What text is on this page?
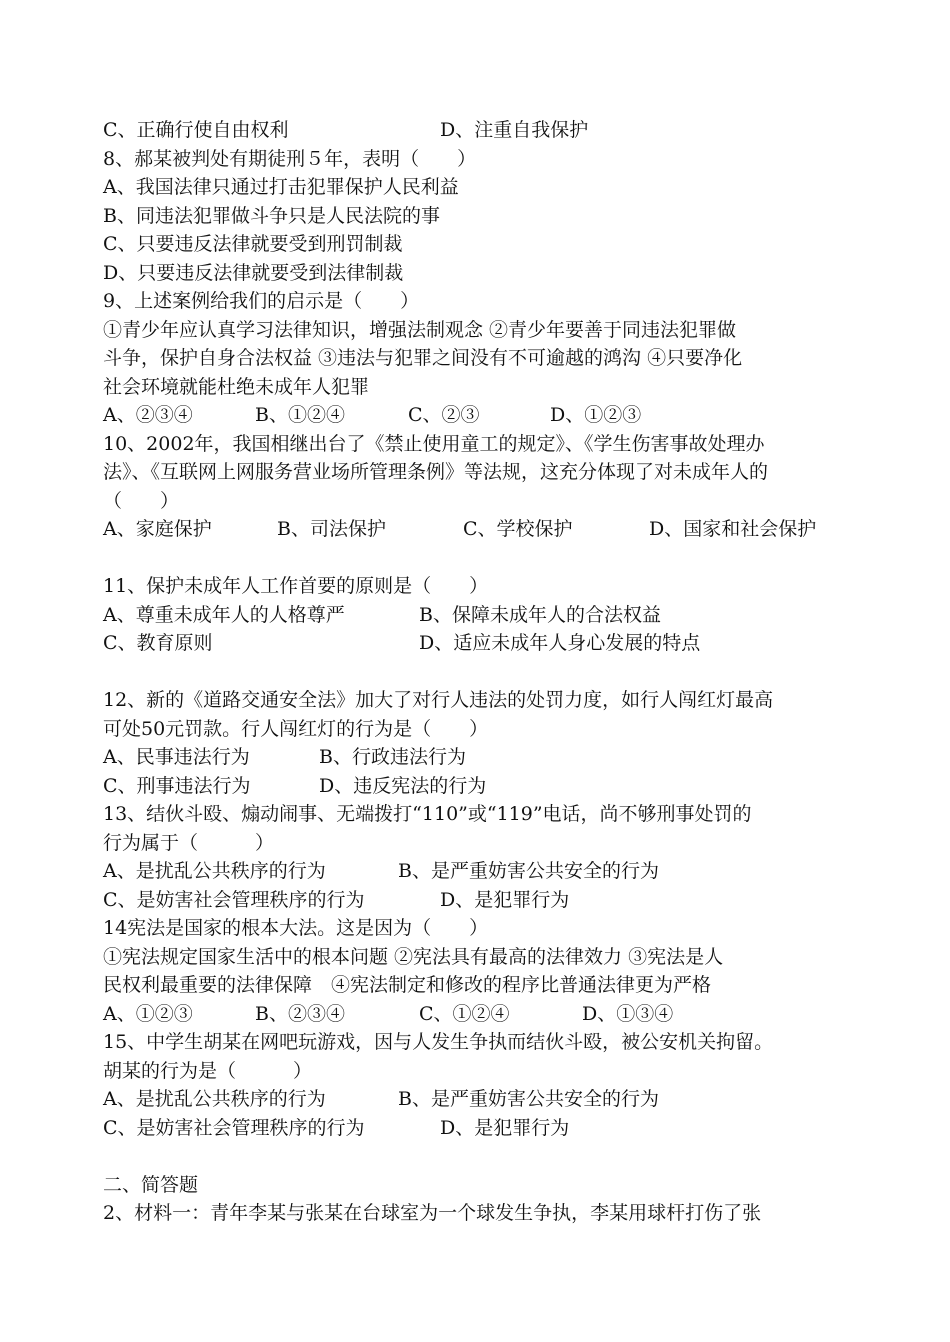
C、正确行使自由权利

	D、注重自我保护

8、郝某被判处有期徒刑５年，表明（　　）
A、我国法律只通过打击犯罪保护人民利益
B、同违法犯罪做斗争只是人民法院的事
C、只要违反法律就要受到刑罚制裁
D、只要违反法律就要受到法律制裁
9、上述案例给我们的启示是（　　）
①青少年应认真学习法律知识，增强法制观念 ②青少年要善于同违法犯罪做
斗争，保护自身合法权益 ③违法与犯罪之间没有不可逾越的鸿沟 ④只要净化
社会环境就能杜绝未成年人犯罪

A、②③④

	B、①②④

	C、②③

	D、①②③

10、2002年，我国相继出台了《禁止使用童工的规定》、《学生伤害事故处理办
法》、《互联网上网服务营业场所管理条例》等法规，这充分体现了对未成年人的
（　　）

A、家庭保护

	B、司法保护

	C、学校保护

	D、国家和社会保护

11、保护未成年人工作首要的原则是（　　）

A、尊重未成年人的人格尊严

	B、保障未成年人的合法权益

C、教育原则

	D、适应未成年人身心发展的特点

12、新的《道路交通安全法》加大了对行人违法的处罚力度，如行人闯红灯最高
可处50元罚款。行人闯红灯的行为是（　　）

A、民事违法行为

	B、行政违法行为

C、刑事违法行为

	D、违反宪法的行为

13、结伙斗殴、煽动闹事、无端拨打“110”或“119”电话，尚不够刑事处罚的
行为属于（　　　）

A、是扰乱公共秩序的行为

	B、是严重妨害公共安全的行为

C、是妨害社会管理秩序的行为

	D、是犯罪行为

14宪法是国家的根本大法。这是因为（　　）
①宪法规定国家生活中的根本问题 ②宪法具有最高的法律效力 ③宪法是人
民权利最重要的法律保障　④宪法制定和修改的程序比普通法律更为严格

A、①②③

	B、②③④

	C、①②④

	D、①③④

15、中学生胡某在网吧玩游戏，因与人发生争执而结伙斗殴，被公安机关拘留。
胡某的行为是（　　　）

A、是扰乱公共秩序的行为

	B、是严重妨害公共安全的行为

C、是妨害社会管理秩序的行为

	D、是犯罪行为

二、简答题
2、材料一：青年李某与张某在台球室为一个球发生争执，李某用球杆打伤了张
